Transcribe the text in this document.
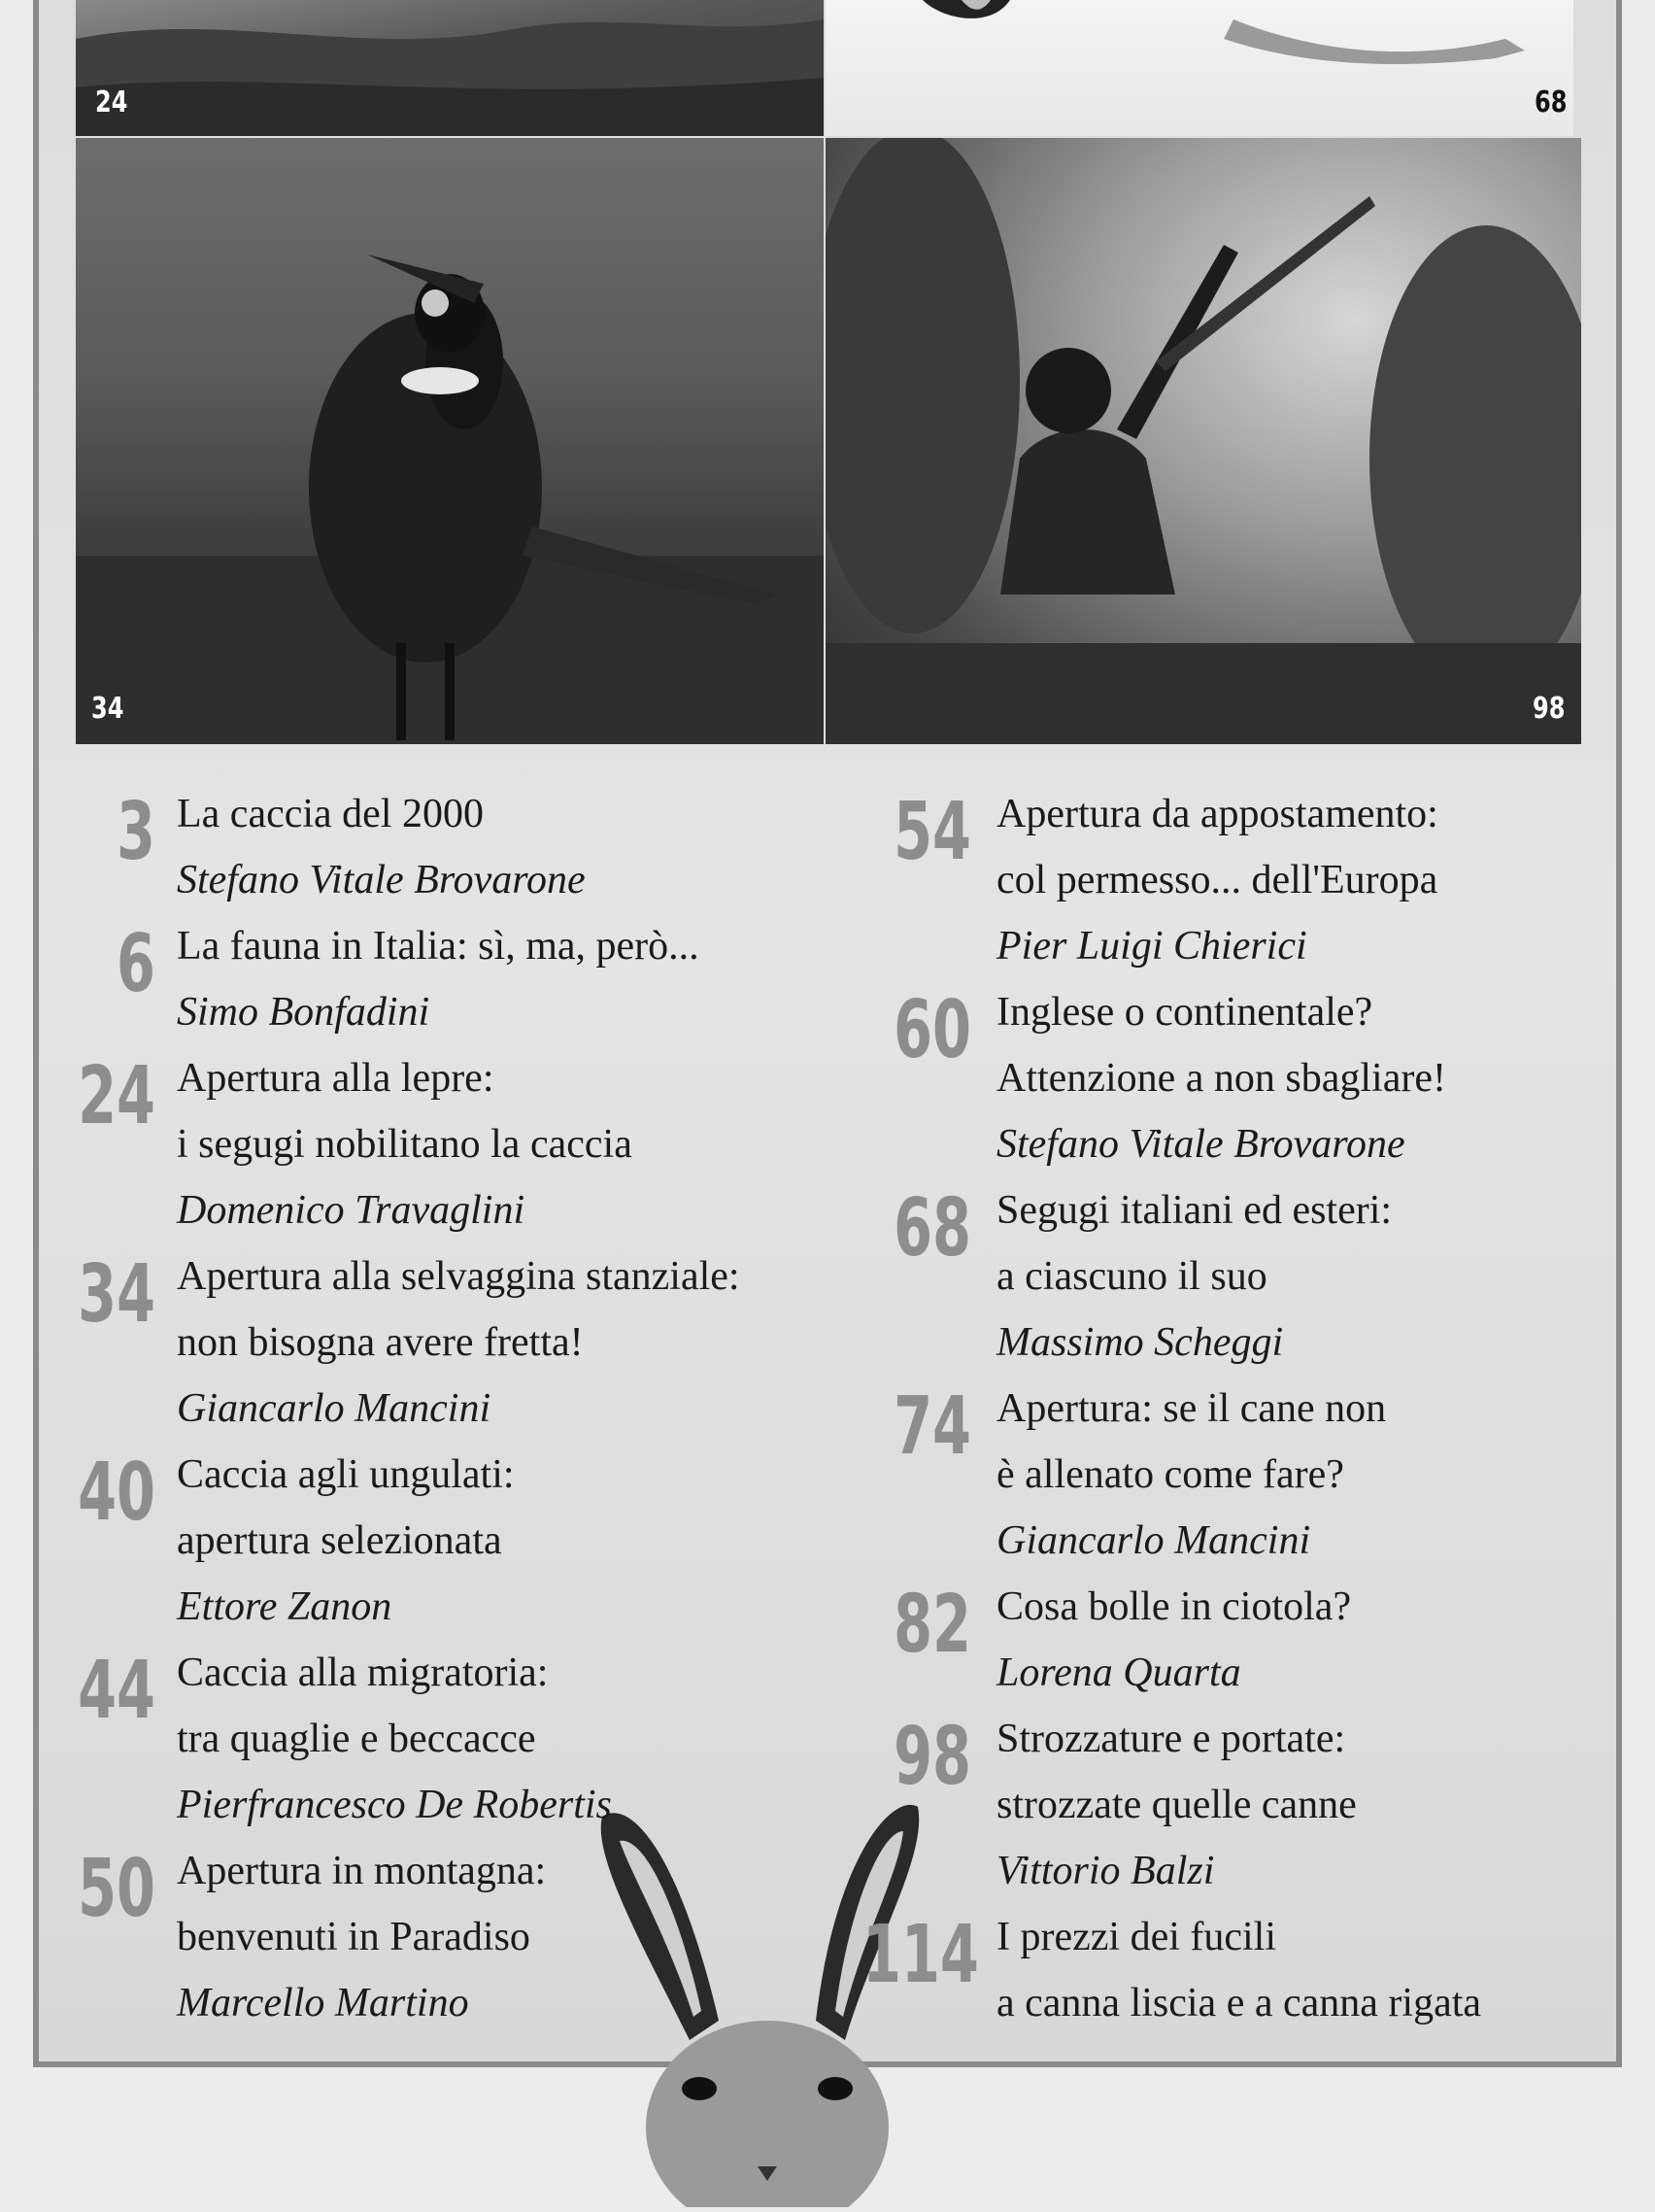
24	68
34	98
3 La caccia del 2000
Stefano Vitale Brovarone
6 La fauna in Italia: sì, ma, però...
Simo Bonfadini
24 Apertura alla lepre:
i segugi nobilitano la caccia
Domenico Travaglini
34 Apertura alla selvaggina stanziale:
non bisogna avere fretta!
Giancarlo Mancini
40 Caccia agli ungulati:
apertura selezionata
Ettore Zanon
44 Caccia alla migratoria:
tra quaglie e beccacce
Pierfrancesco De Robertis
50 Apertura in montagna:
benvenuti in Paradiso
Marcello Martino
54 Apertura da appostamento:
col permesso... dell'Europa
Pier Luigi Chierici
60 Inglese o continentale?
Attenzione a non sbagliare!
Stefano Vitale Brovarone
68 Segugi italiani ed esteri:
a ciascuno il suo
Massimo Scheggi
74 Apertura: se il cane non
è allenato come fare?
Giancarlo Mancini
82 Cosa bolle in ciotola?
Lorena Quarta
98 Strozzature e portate:
strozzate quelle canne
Vittorio Balzi
114 I prezzi dei fucili
a canna liscia e a canna rigata
